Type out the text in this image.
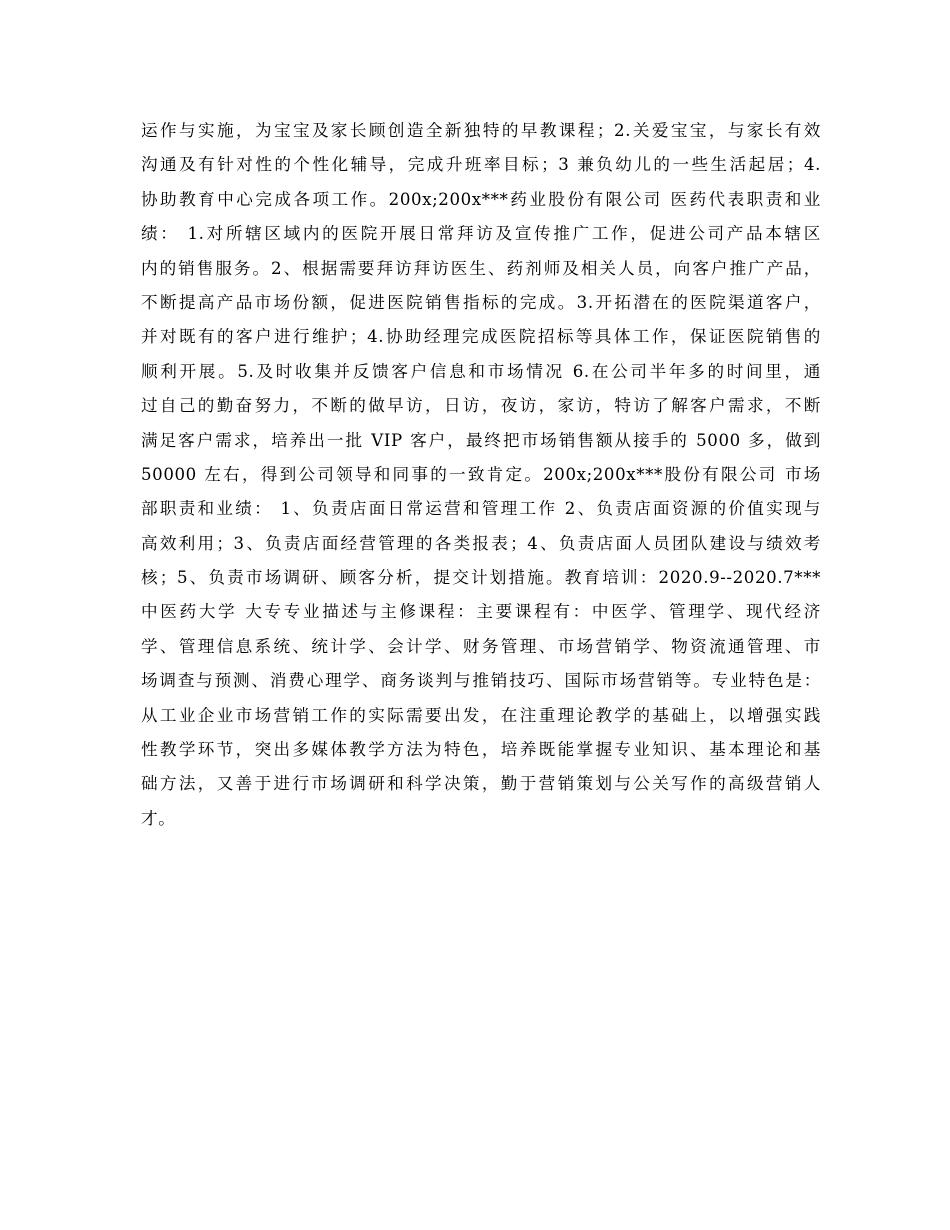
运作与实施，为宝宝及家长顾创造全新独特的早教课程；2.关爱宝宝，与家长有效
沟通及有针对性的个性化辅导，完成升班率目标；3 兼负幼儿的一些生活起居；4.
协助教育中心完成各项工作。200x;200x***药业股份有限公司 医药代表职责和业
绩： 1.对所辖区域内的医院开展日常拜访及宣传推广工作，促进公司产品本辖区
内的销售服务。2、根据需要拜访拜访医生、药剂师及相关人员，向客户推广产品，
不断提高产品市场份额，促进医院销售指标的完成。3.开拓潜在的医院渠道客户，
并对既有的客户进行维护；4.协助经理完成医院招标等具体工作，保证医院销售的
顺利开展。5.及时收集并反馈客户信息和市场情况 6.在公司半年多的时间里，通
过自己的勤奋努力，不断的做早访，日访，夜访，家访，特访了解客户需求，不断
满足客户需求，培养出一批 VIP 客户，最终把市场销售额从接手的 5000 多，做到
50000 左右，得到公司领导和同事的一致肯定。200x;200x***股份有限公司 市场
部职责和业绩： 1、负责店面日常运营和管理工作 2、负责店面资源的价值实现与
高效利用；3、负责店面经营管理的各类报表；4、负责店面人员团队建设与绩效考
核；5、负责市场调研、顾客分析，提交计划措施。教育培训：2020.9--2020.7***
中医药大学 大专专业描述与主修课程：主要课程有：中医学、管理学、现代经济
学、管理信息系统、统计学、会计学、财务管理、市场营销学、物资流通管理、市
场调查与预测、消费心理学、商务谈判与推销技巧、国际市场营销等。专业特色是：
从工业企业市场营销工作的实际需要出发，在注重理论教学的基础上，以增强实践
性教学环节，突出多媒体教学方法为特色，培养既能掌握专业知识、基本理论和基
础方法，又善于进行市场调研和科学决策，勤于营销策划与公关写作的高级营销人
才。
